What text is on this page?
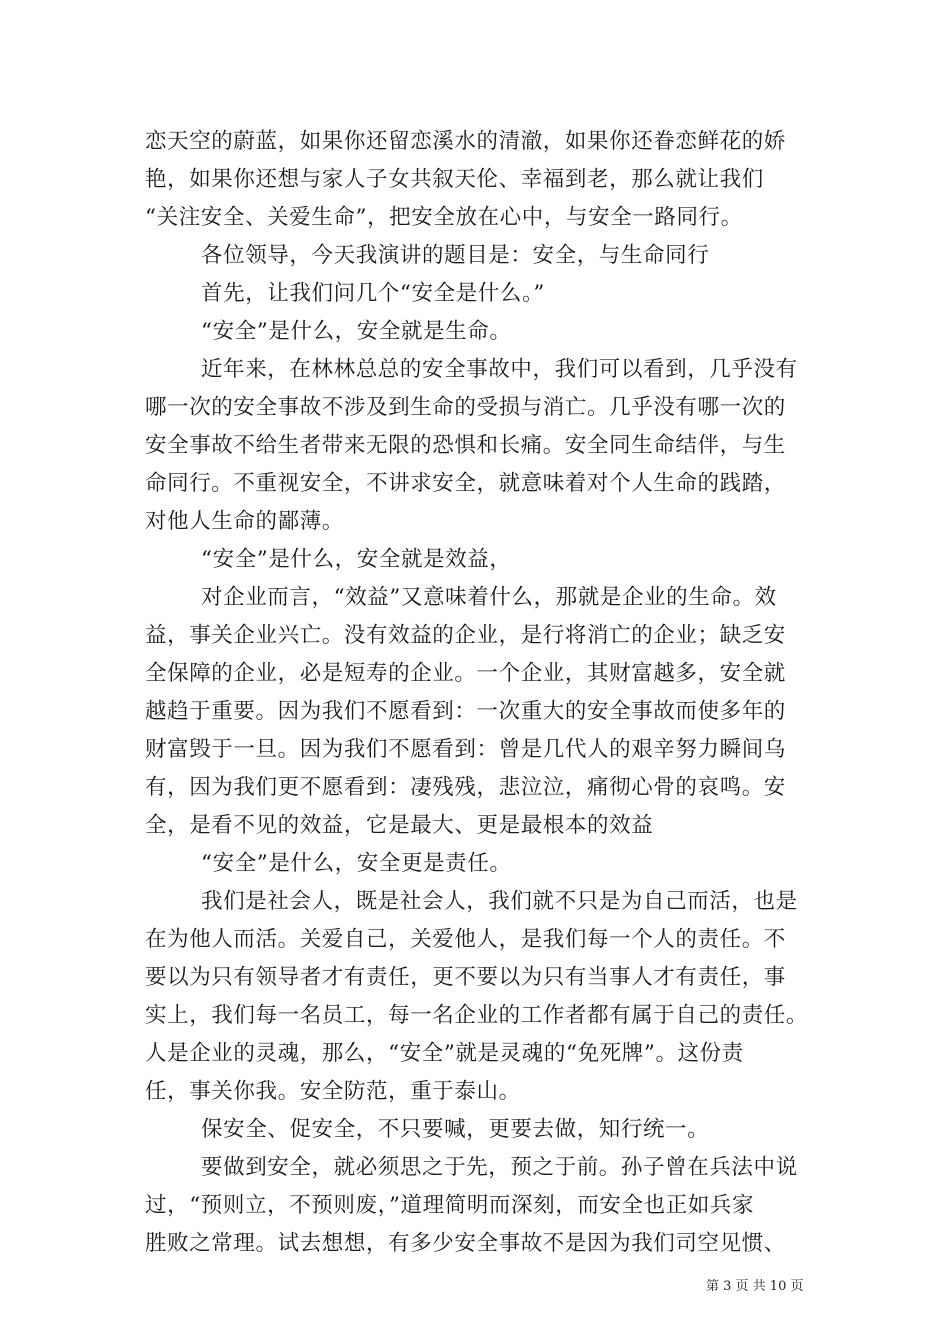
恋天空的蔚蓝，如果你还留恋溪水的清澈，如果你还眷恋鲜花的娇
艳，如果你还想与家人子女共叙天伦、幸福到老，那么就让我们
“关注安全、关爱生命”，把安全放在心中，与安全一路同行。
各位领导，今天我演讲的题目是：安全，与生命同行
首先，让我们问几个“安全是什么。”
“安全”是什么，安全就是生命。
近年来，在林林总总的安全事故中，我们可以看到，几乎没有
哪一次的安全事故不涉及到生命的受损与消亡。几乎没有哪一次的
安全事故不给生者带来无限的恐惧和长痛。安全同生命结伴，与生
命同行。不重视安全，不讲求安全，就意味着对个人生命的践踏，
对他人生命的鄙薄。
“安全”是什么，安全就是效益，
对企业而言，“效益”又意味着什么，那就是企业的生命。效
益，事关企业兴亡。没有效益的企业，是行将消亡的企业；缺乏安
全保障的企业，必是短寿的企业。一个企业，其财富越多，安全就
越趋于重要。因为我们不愿看到：一次重大的安全事故而使多年的
财富毁于一旦。因为我们不愿看到：曾是几代人的艰辛努力瞬间乌
有，因为我们更不愿看到：凄残残，悲泣泣，痛彻心骨的哀鸣。安
全，是看不见的效益，它是最大、更是最根本的效益
“安全”是什么，安全更是责任。
我们是社会人，既是社会人，我们就不只是为自己而活，也是
在为他人而活。关爱自己，关爱他人，是我们每一个人的责任。不
要以为只有领导者才有责任，更不要以为只有当事人才有责任，事
实上，我们每一名员工，每一名企业的工作者都有属于自己的责任。
人是企业的灵魂，那么，“安全”就是灵魂的“免死牌”。这份责
任，事关你我。安全防范，重于泰山。
保安全、促安全，不只要喊，更要去做，知行统一。
要做到安全，就必须思之于先，预之于前。孙子曾在兵法中说
过，“预则立，不预则废，”道理简明而深刻，而安全也正如兵家
胜败之常理。试去想想，有多少安全事故不是因为我们司空见惯、
第 3 页 共 10 页
